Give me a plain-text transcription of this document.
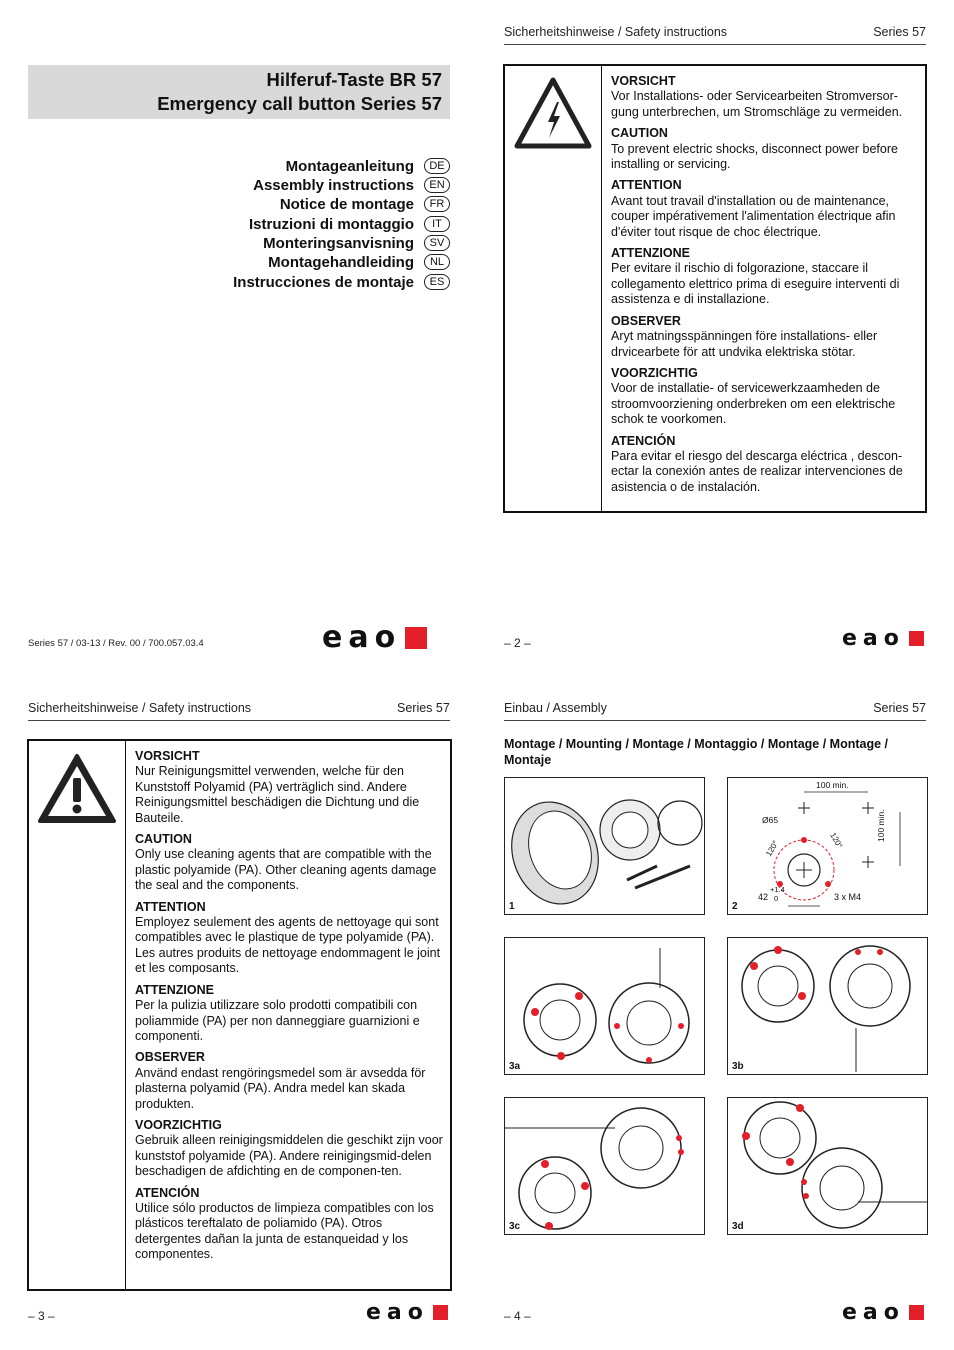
Hilferuf-Taste BR 57
Emergency call button Series 57
Montageanleitung	DE
Assembly instructions	EN
Notice de montage	FR
Istruzioni di montaggio	IT
Monteringsanvisning	SV
Montagehandleiding	NL
Instrucciones de montaje	ES
Series 57 / 03-13 / Rev. 00 / 700.057.03.4	eao
Sicherheitshinweise / Safety instructions	Series 57
VORSICHT
Vor Installations- oder Servicearbeiten Stromversor-gung unterbrechen, um Stromschläge zu vermeiden.
CAUTION
To prevent electric shocks, disconnect power before installing or servicing.
ATTENTION
Avant tout travail d'installation ou de maintenance, couper impérativement l'alimentation électrique afin d'éviter tout risque de choc électrique.
ATTENZIONE
Per evitare il rischio di folgorazione, staccare il collegamento elettrico prima di eseguire interventi di assistenza e di installazione.
OBSERVER
Aryt matningsspänningen före installations- eller drvicearbete för att undvika elektriska stötar.
VOORZICHTIG
Voor de installatie- of servicewerkzaamheden de stroomvoorziening onderbreken om een elektrische schok te voorkomen.
ATENCIÓN
Para evitar el riesgo del descarga eléctrica , descon-ectar la conexión antes de realizar intervenciones de asistencia o de instalación.
– 2 –	eao
Sicherheitshinweise / Safety instructions	Series 57
VORSICHT
Nur Reinigungsmittel verwenden, welche für den Kunststoff Polyamid (PA) verträglich sind. Andere Reinigungsmittel beschädigen die Dichtung und die Bauteile.
CAUTION
Only use cleaning agents that are compatible with the plastic polyamide (PA). Other cleaning agents damage the seal and the components.
ATTENTION
Employez seulement des agents de nettoyage qui sont compatibles avec le plastique de type polyamide (PA). Les autres produits de nettoyage endommagent le joint et les composants.
ATTENZIONE
Per la pulizia utilizzare solo prodotti compatibili con poliammide (PA) per non danneggiare guarnizioni e componenti.
OBSERVER
Använd endast rengöringsmedel som är avsedda för plasterna polyamid (PA). Andra medel kan skada produkten.
VOORZICHTIG
Gebruik alleen reinigingsmiddelen die geschikt zijn voor kunststof polyamide (PA). Andere reinigingsmid-delen beschadigen de afdichting en de componen-ten.
ATENCIÓN
Utilice sólo productos de limpieza compatibles con los plásticos tereftalato de poliamido (PA). Otros detergentes dañan la junta de estanqueidad y los componentes.
– 3 –	eao
Einbau / Assembly	Series 57
Montage / Mounting / Montage / Montaggio / Montage / Montage / Montaje
1
100 min.
100 min.
Ø65
120°	120°
+1.4
0
42	3 x M4
2
3a	3b
3c	3d
– 4 –	eao
